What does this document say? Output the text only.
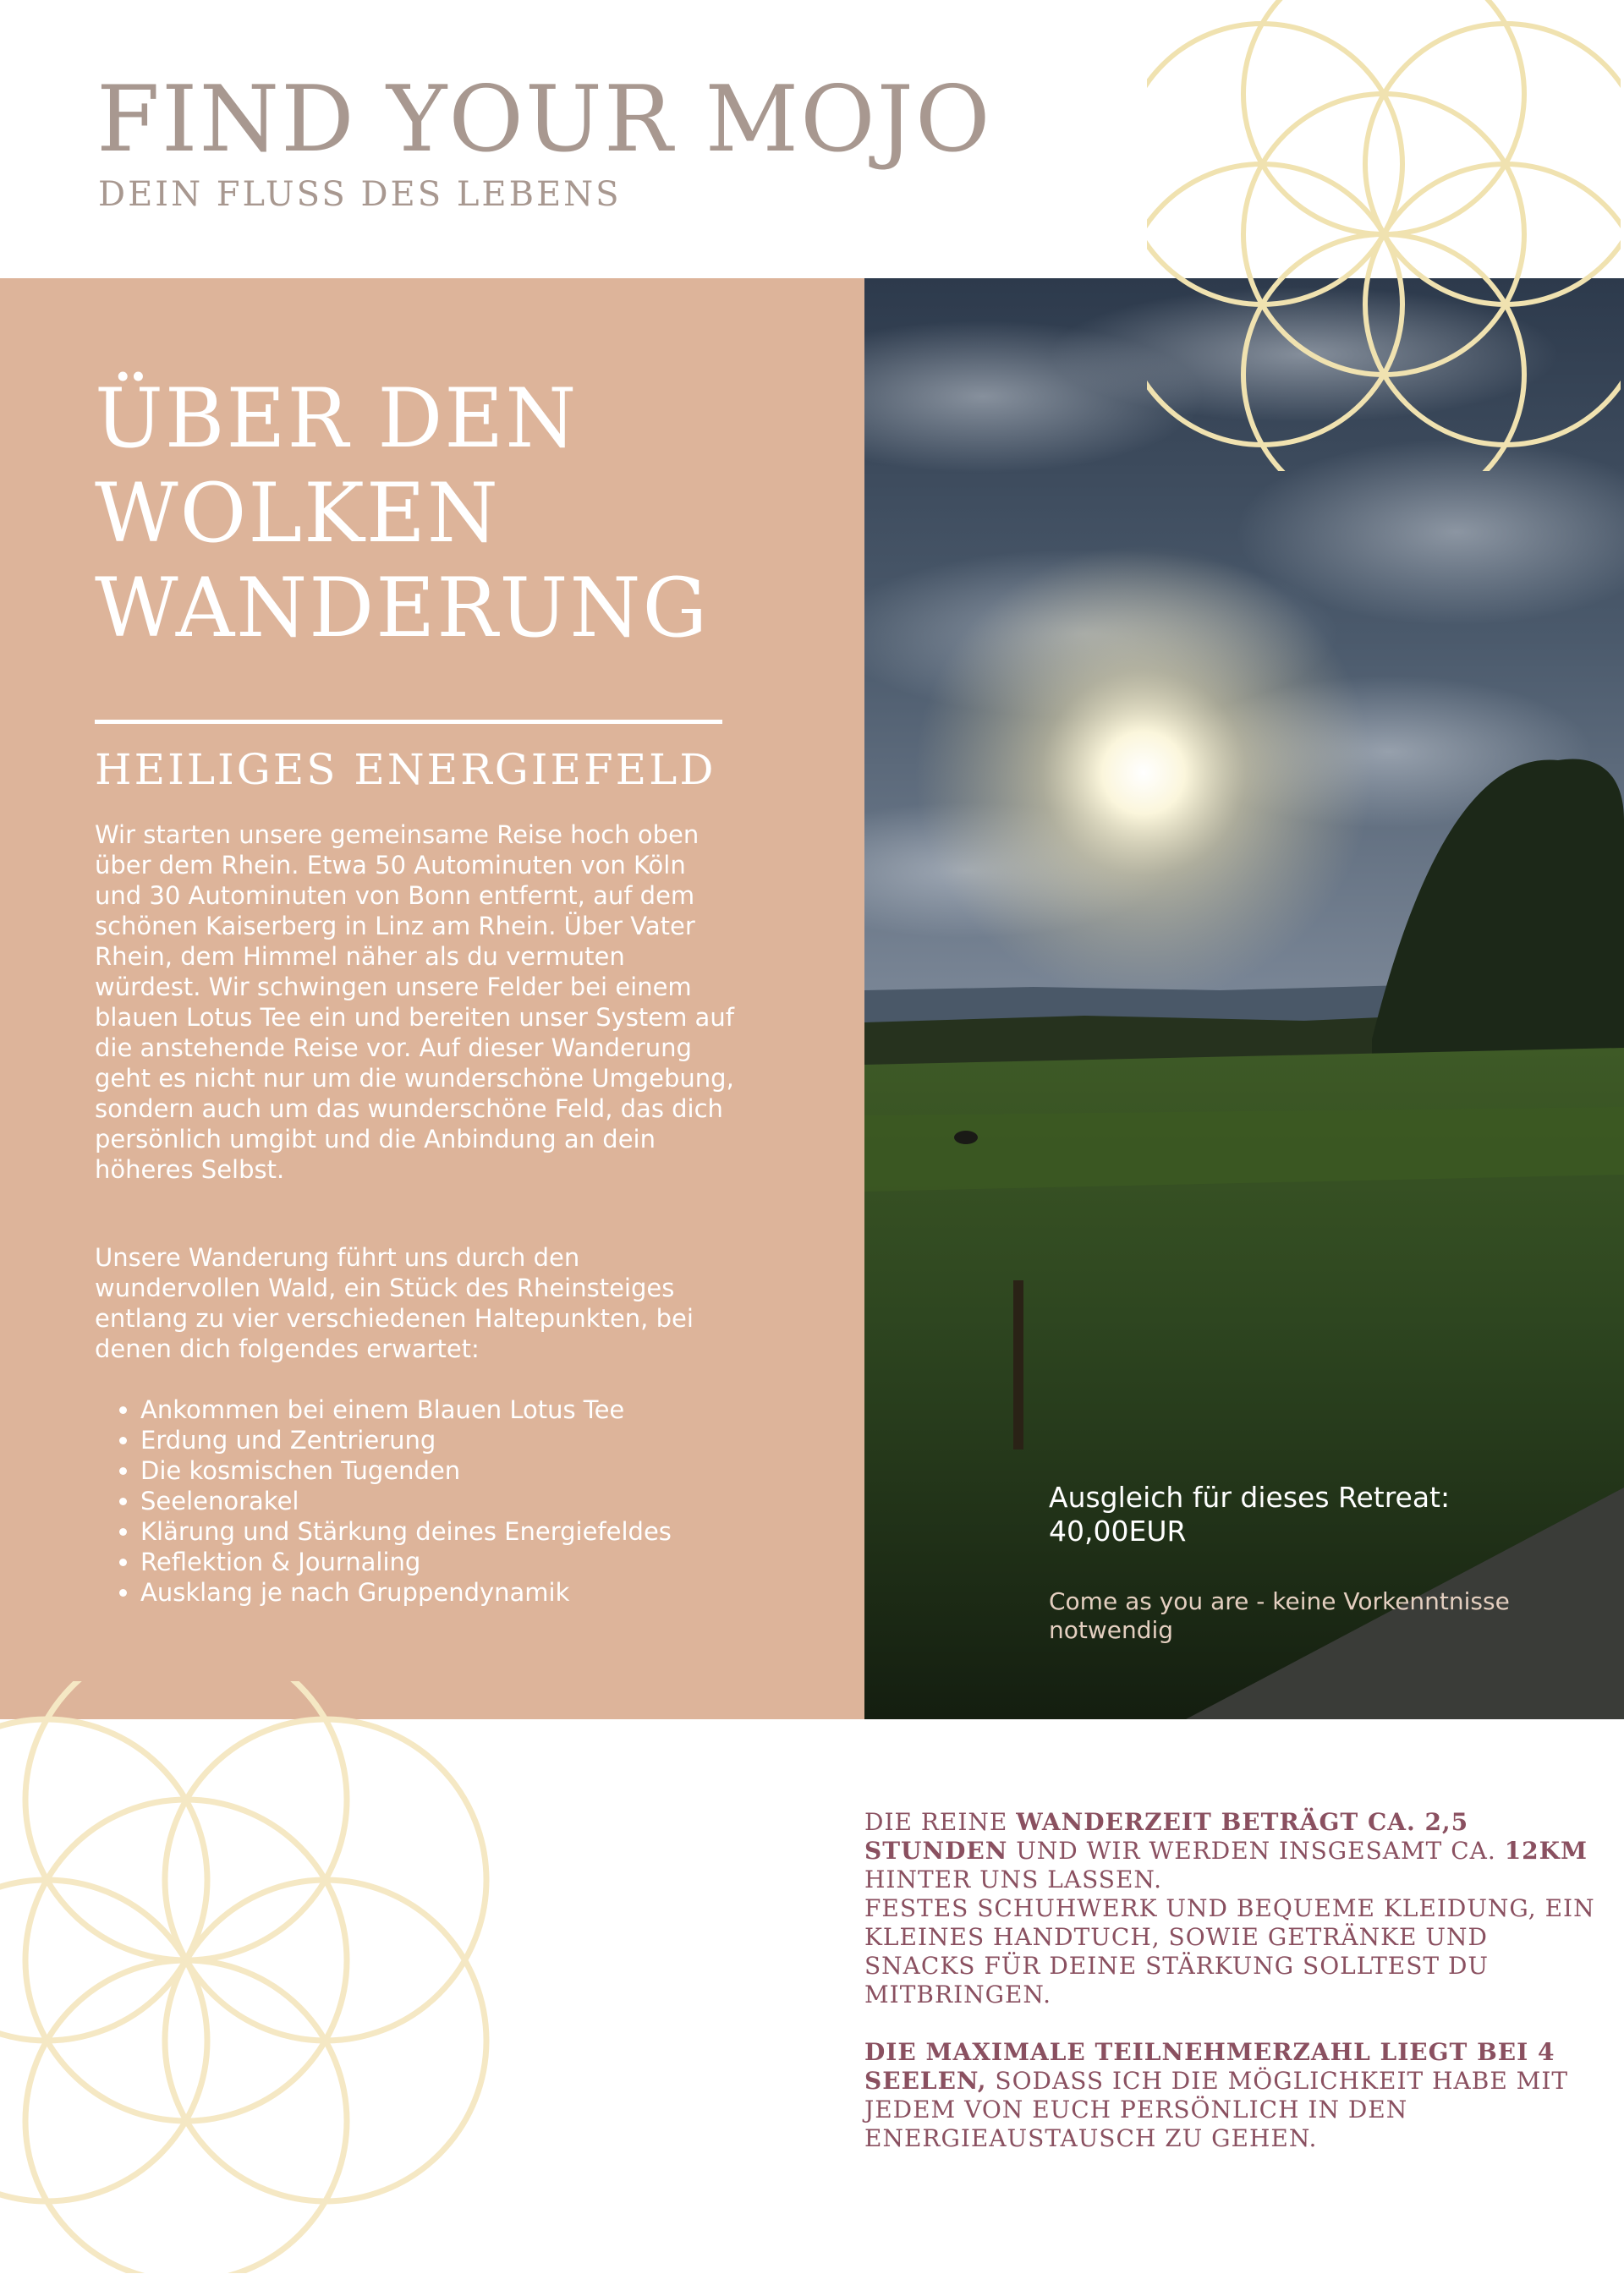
FIND YOUR MOJO
DEIN FLUSS DES LEBENS
ÜBER DEN
WOLKEN
WANDERUNG
HEILIGES ENERGIEFELD

Wir starten unsere gemeinsame Reise hoch oben über dem Rhein. Etwa 50 Autominuten von Köln und 30 Autominuten von Bonn entfernt, auf dem schönen Kaiserberg in Linz am Rhein. Über Vater Rhein, dem Himmel näher als du vermuten würdest. Wir schwingen unsere Felder bei einem blauen Lotus Tee ein und bereiten unser System auf die anstehende Reise vor. Auf dieser Wanderung geht es nicht nur um die wunderschöne Umgebung, sondern auch um das wunderschöne Feld, das dich persönlich umgibt und die Anbindung an dein höheres Selbst.

Unsere Wanderung führt uns durch den wundervollen Wald, ein Stück des Rheinsteiges entlang zu vier verschiedenen Haltepunkten, bei denen dich folgendes erwartet:

• Ankommen bei einem Blauen Lotus Tee
• Erdung und Zentrierung
• Die kosmischen Tugenden
• Seelenorakel
• Klärung und Stärkung deines Energiefeldes
• Reflektion & Journaling
• Ausklang je nach Gruppendynamik
Ausgleich für dieses Retreat:
40,00EUR
Come as you are - keine Vorkenntnisse notwendig

DIE REINE WANDERZEIT BETRÄGT CA. 2,5 STUNDEN UND WIR WERDEN INSGESAMT CA. 12KM HINTER UNS LASSEN.

FESTES SCHUHWERK UND BEQUEME KLEIDUNG, EIN KLEINES HANDTUCH, SOWIE GETRÄNKE UND SNACKS FÜR DEINE STÄRKUNG SOLLTEST DU MITBRINGEN.

DIE MAXIMALE TEILNEHMERZAHL LIEGT BEI 4 SEELEN, SODASS ICH DIE MÖGLICHKEIT HABE MIT JEDEM VON EUCH PERSÖNLICH IN DEN ENERGIEAUSTAUSCH ZU GEHEN.
